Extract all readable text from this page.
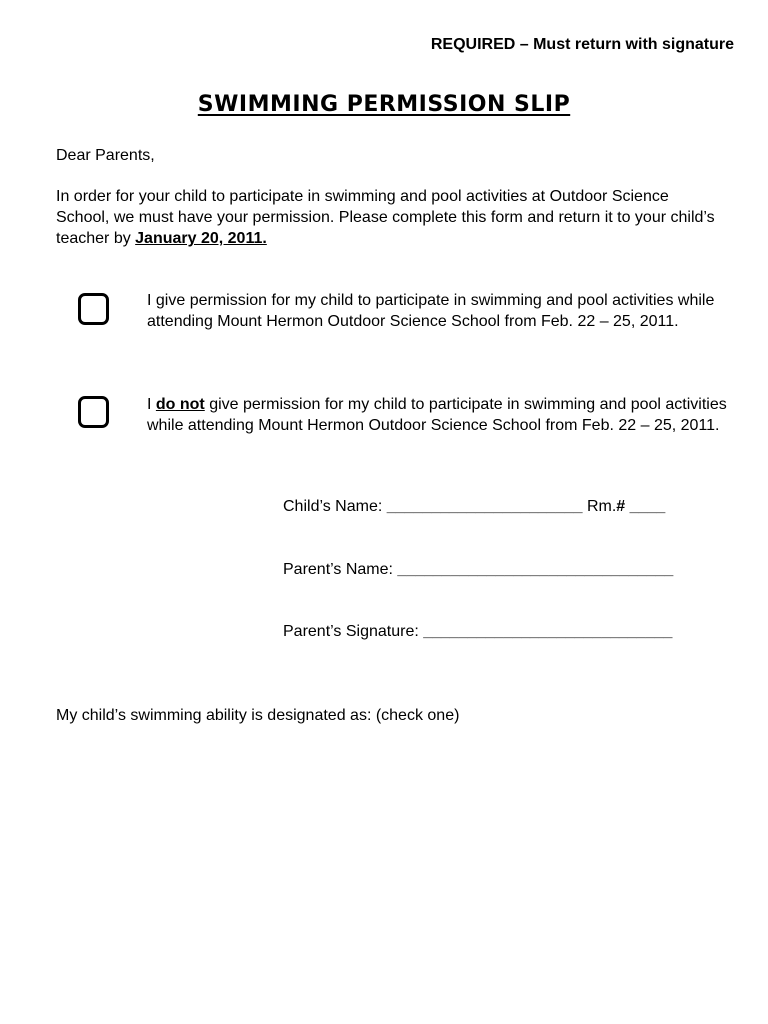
REQUIRED – Must return with signature
SWIMMING PERMISSION SLIP
Dear Parents,
In order for your child to participate in swimming and pool activities at Outdoor Science School, we must have your permission. Please complete this form and return it to your child’s teacher by January 20, 2011.
I give permission for my child to participate in swimming and pool activities while attending Mount Hermon Outdoor Science School from Feb. 22 – 25, 2011.
I do not give permission for my child to participate in swimming and pool activities while attending Mount Hermon Outdoor Science School from Feb. 22 – 25, 2011.
Child’s Name: ______________________ Rm.# ____
Parent’s Name: _______________________________
Parent’s Signature: ____________________________
My child’s swimming ability is designated as: (check one)
